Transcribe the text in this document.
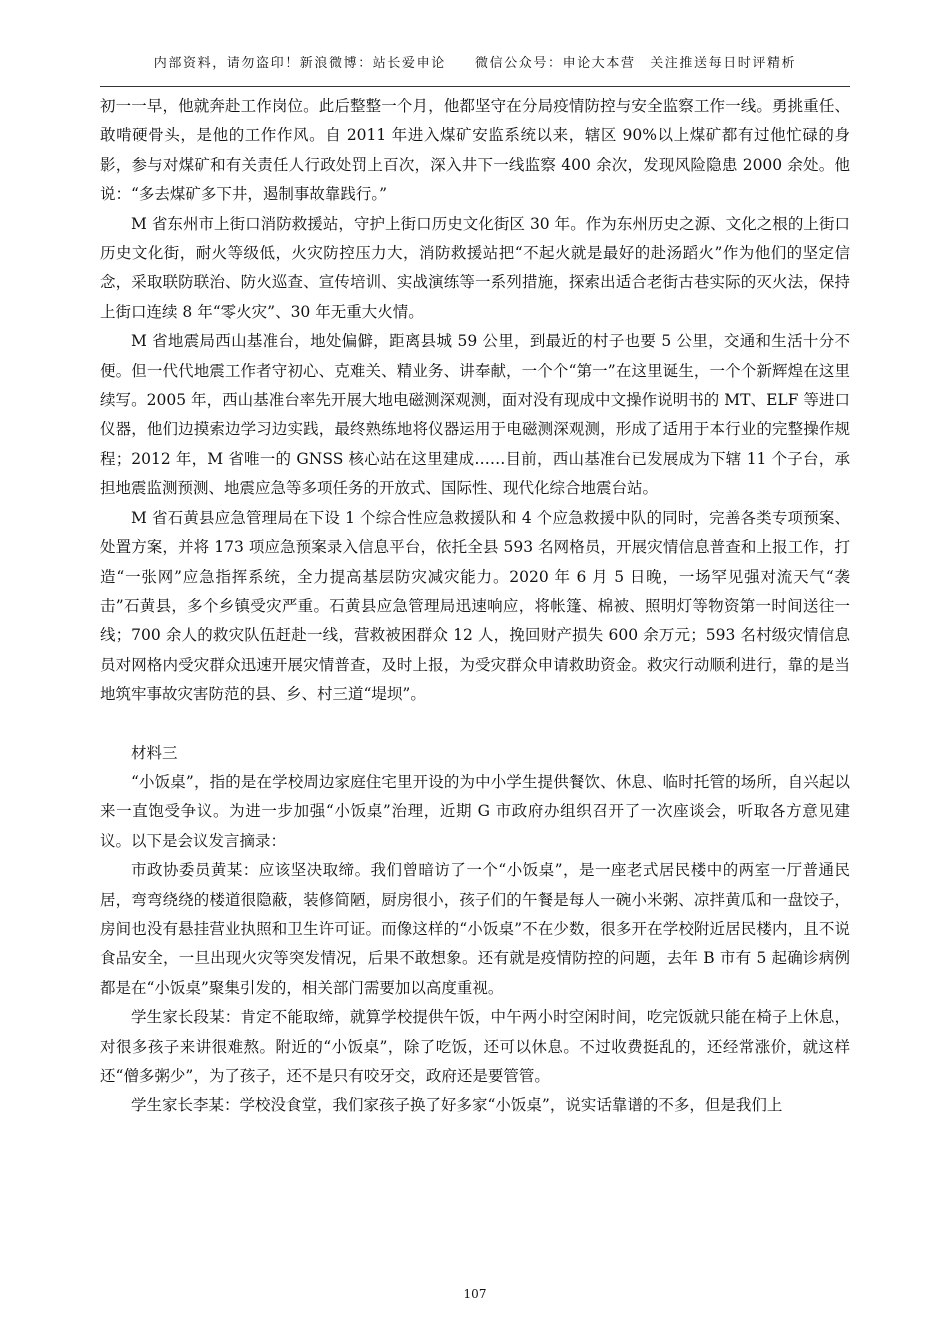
内部资料，请勿盗印！新浪微博：站长爱申论　　微信公众号：申论大本营　关注推送每日时评精析

初一一早，他就奔赴工作岗位。此后整整一个月，他都坚守在分局疫情防控与安全监察工作一线。勇挑重任、敢啃硬骨头，是他的工作作风。自 2011 年进入煤矿安监系统以来，辖区 90%以上煤矿都有过他忙碌的身影，参与对煤矿和有关责任人行政处罚上百次，深入井下一线监察 400 余次，发现风险隐患 2000 余处。他说：“多去煤矿多下井，遏制事故靠践行。”

M 省东州市上街口消防救援站，守护上街口历史文化街区 30 年。作为东州历史之源、文化之根的上街口历史文化街，耐火等级低，火灾防控压力大，消防救援站把“不起火就是最好的赴汤蹈火”作为他们的坚定信念，采取联防联治、防火巡查、宣传培训、实战演练等一系列措施，探索出适合老街古巷实际的灭火法，保持上街口连续 8 年“零火灾”、30 年无重大火情。

M 省地震局西山基准台，地处偏僻，距离县城 59 公里，到最近的村子也要 5 公里，交通和生活十分不便。但一代代地震工作者守初心、克难关、精业务、讲奉献，一个个“第一”在这里诞生，一个个新辉煌在这里续写。2005 年，西山基准台率先开展大地电磁测深观测，面对没有现成中文操作说明书的 MT、ELF 等进口仪器，他们边摸索边学习边实践，最终熟练地将仪器运用于电磁测深观测，形成了适用于本行业的完整操作规程；2012 年，M 省唯一的 GNSS 核心站在这里建成……目前，西山基准台已发展成为下辖 11 个子台，承担地震监测预测、地震应急等多项任务的开放式、国际性、现代化综合地震台站。

M 省石黄县应急管理局在下设 1 个综合性应急救援队和 4 个应急救援中队的同时，完善各类专项预案、处置方案，并将 173 项应急预案录入信息平台，依托全县 593 名网格员，开展灾情信息普查和上报工作，打造“一张网”应急指挥系统，全力提高基层防灾减灾能力。2020 年 6 月 5 日晚，一场罕见强对流天气“袭击”石黄县，多个乡镇受灾严重。石黄县应急管理局迅速响应，将帐篷、棉被、照明灯等物资第一时间送往一线；700 余人的救灾队伍赶赴一线，营救被困群众 12 人，挽回财产损失 600 余万元；593 名村级灾情信息员对网格内受灾群众迅速开展灾情普查，及时上报，为受灾群众申请救助资金。救灾行动顺利进行，靠的是当地筑牢事故灾害防范的县、乡、村三道“堤坝”。

材料三

“小饭桌”，指的是在学校周边家庭住宅里开设的为中小学生提供餐饮、休息、临时托管的场所，自兴起以来一直饱受争议。为进一步加强“小饭桌”治理，近期 G 市政府办组织召开了一次座谈会，听取各方意见建议。以下是会议发言摘录：

市政协委员黄某：应该坚决取缔。我们曾暗访了一个“小饭桌”，是一座老式居民楼中的两室一厅普通民居，弯弯绕绕的楼道很隐蔽，装修简陋，厨房很小，孩子们的午餐是每人一碗小米粥、凉拌黄瓜和一盘饺子，房间也没有悬挂营业执照和卫生许可证。而像这样的“小饭桌”不在少数，很多开在学校附近居民楼内，且不说食品安全，一旦出现火灾等突发情况，后果不敢想象。还有就是疫情防控的问题，去年 B 市有 5 起确诊病例都是在“小饭桌”聚集引发的，相关部门需要加以高度重视。

学生家长段某：肯定不能取缔，就算学校提供午饭，中午两小时空闲时间，吃完饭就只能在椅子上休息，对很多孩子来讲很难熬。附近的“小饭桌”，除了吃饭，还可以休息。不过收费挺乱的，还经常涨价，就这样还“僧多粥少”，为了孩子，还不是只有咬牙交，政府还是要管管。

学生家长李某：学校没食堂，我们家孩子换了好多家“小饭桌”，说实话靠谱的不多，但是我们上

107
